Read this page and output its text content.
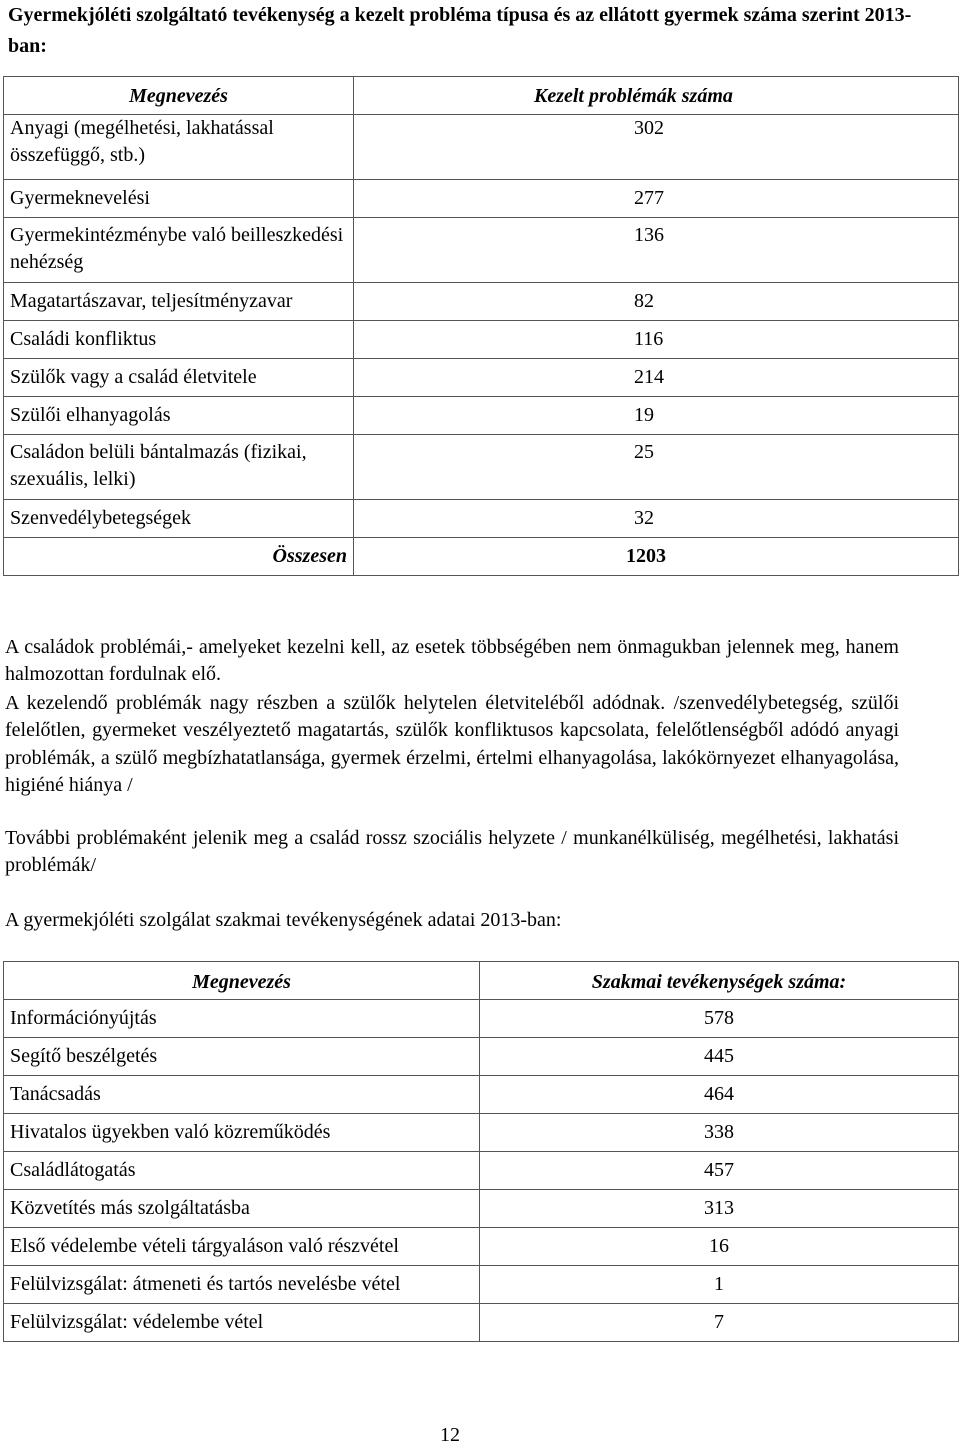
Gyermekjóléti szolgáltató tevékenység a kezelt probléma típusa és az ellátott gyermek száma szerint 2013-ban:
Megnevezés	Kezelt problémák száma
Anyagi (megélhetési, lakhatással összefüggő, stb.)	302
Gyermeknevelési	277
Gyermekintézménybe való beilleszkedési nehézség	136
Magatartászavar, teljesítményzavar	82
Családi konfliktus	116
Szülők vagy a család életvitele	214
Szülői elhanyagolás	19
Családon belüli bántalmazás (fizikai, szexuális, lelki)	25
Szenvedélybetegségek	32
Összesen	1203
A családok problémái,- amelyeket kezelni kell, az esetek többségében nem önmagukban jelennek meg, hanem halmozottan fordulnak elő.
A kezelendő problémák nagy részben a szülők helytelen életviteléből adódnak. /szenvedélybetegség, szülői felelőtlen, gyermeket veszélyeztető magatartás, szülők konfliktusos kapcsolata, felelőtlenségből adódó anyagi problémák, a szülő megbízhatatlansága, gyermek érzelmi, értelmi elhanyagolása, lakókörnyezet elhanyagolása, higiéné hiánya /
További problémaként jelenik meg a család rossz szociális helyzete / munkanélküliség, megélhetési, lakhatási problémák/
A gyermekjóléti szolgálat szakmai tevékenységének adatai 2013-ban:
Megnevezés	Szakmai tevékenységek száma:
Információnyújtás	578
Segítő beszélgetés	445
Tanácsadás	464
Hivatalos ügyekben való közreműködés	338
Családlátogatás	457
Közvetítés más szolgáltatásba	313
Első védelembe vételi tárgyaláson való részvétel	16
Felülvizsgálat: átmeneti és tartós nevelésbe vétel	1
Felülvizsgálat: védelembe vétel	7
12
